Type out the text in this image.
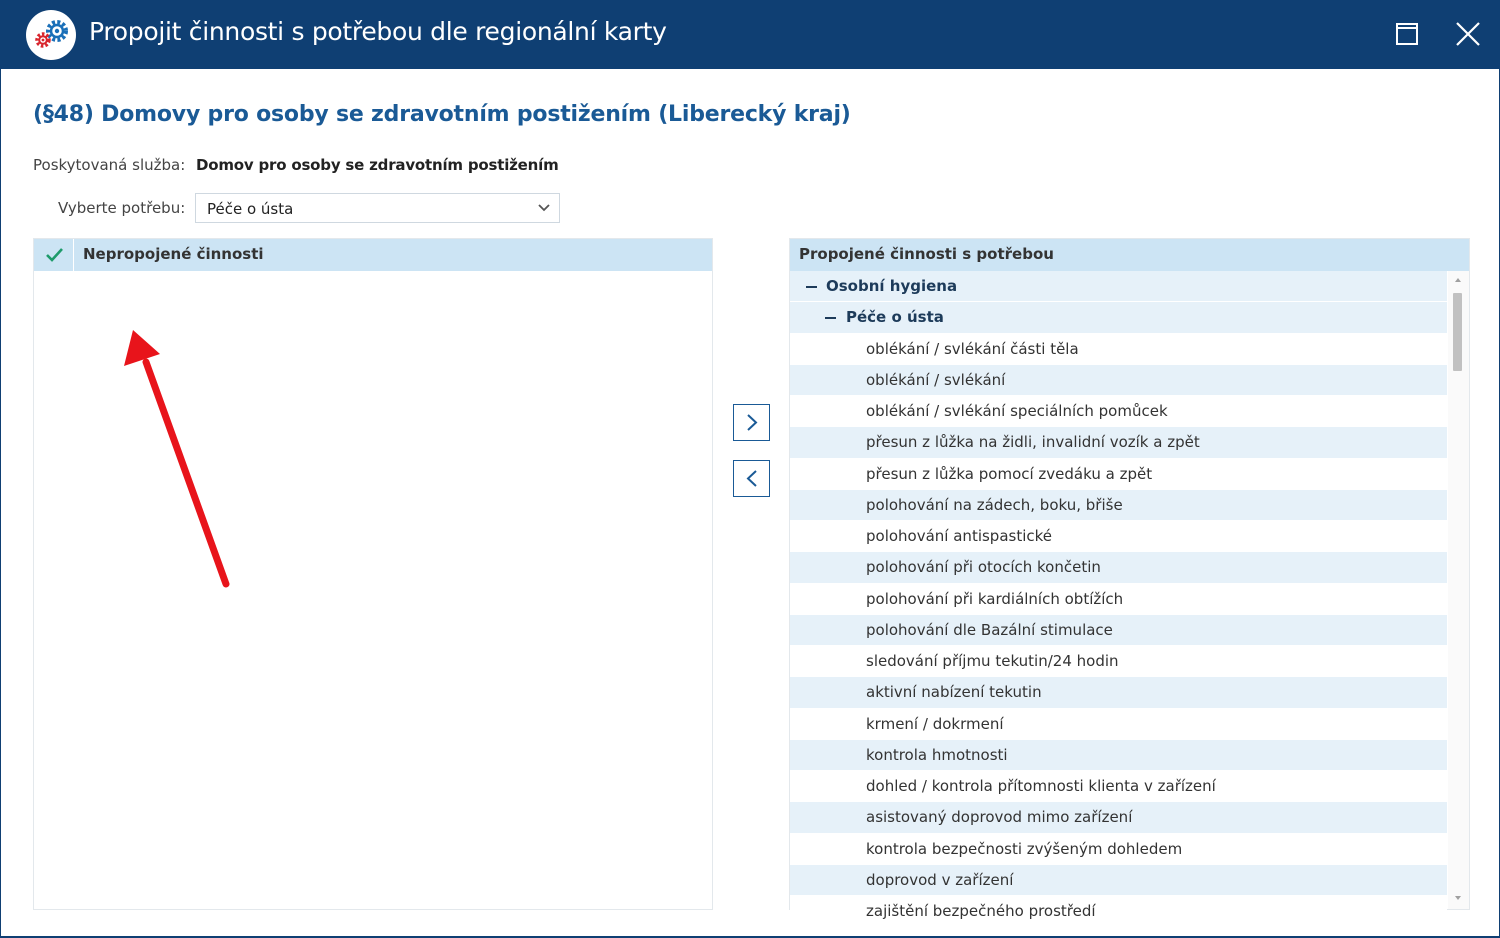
Propojit činnosti s potřebou dle regionální karty
(§48) Domovy pro osoby se zdravotním postižením (Liberecký kraj)
Poskytovaná služba: Domov pro osoby se zdravotním postižením
Vyberte potřebu: Péče o ústa
Nepropojené činnosti	Propojené činnosti s potřebou
Osobní hygiena
Péče o ústa
oblékání / svlékání části těla
oblékání / svlékání
oblékání / svlékání speciálních pomůcek
přesun z lůžka na židli, invalidní vozík a zpět
přesun z lůžka pomocí zvedáku a zpět
polohování na zádech, boku, břiše
polohování antispastické
polohování při otocích končetin
polohování při kardiálních obtížích
polohování dle Bazální stimulace
sledování příjmu tekutin/24 hodin
aktivní nabízení tekutin
krmení / dokrmení
kontrola hmotnosti
dohled / kontrola přítomnosti klienta v zařízení
asistovaný doprovod mimo zařízení
kontrola bezpečnosti zvýšeným dohledem
doprovod v zařízení
zajištění bezpečného prostředí
